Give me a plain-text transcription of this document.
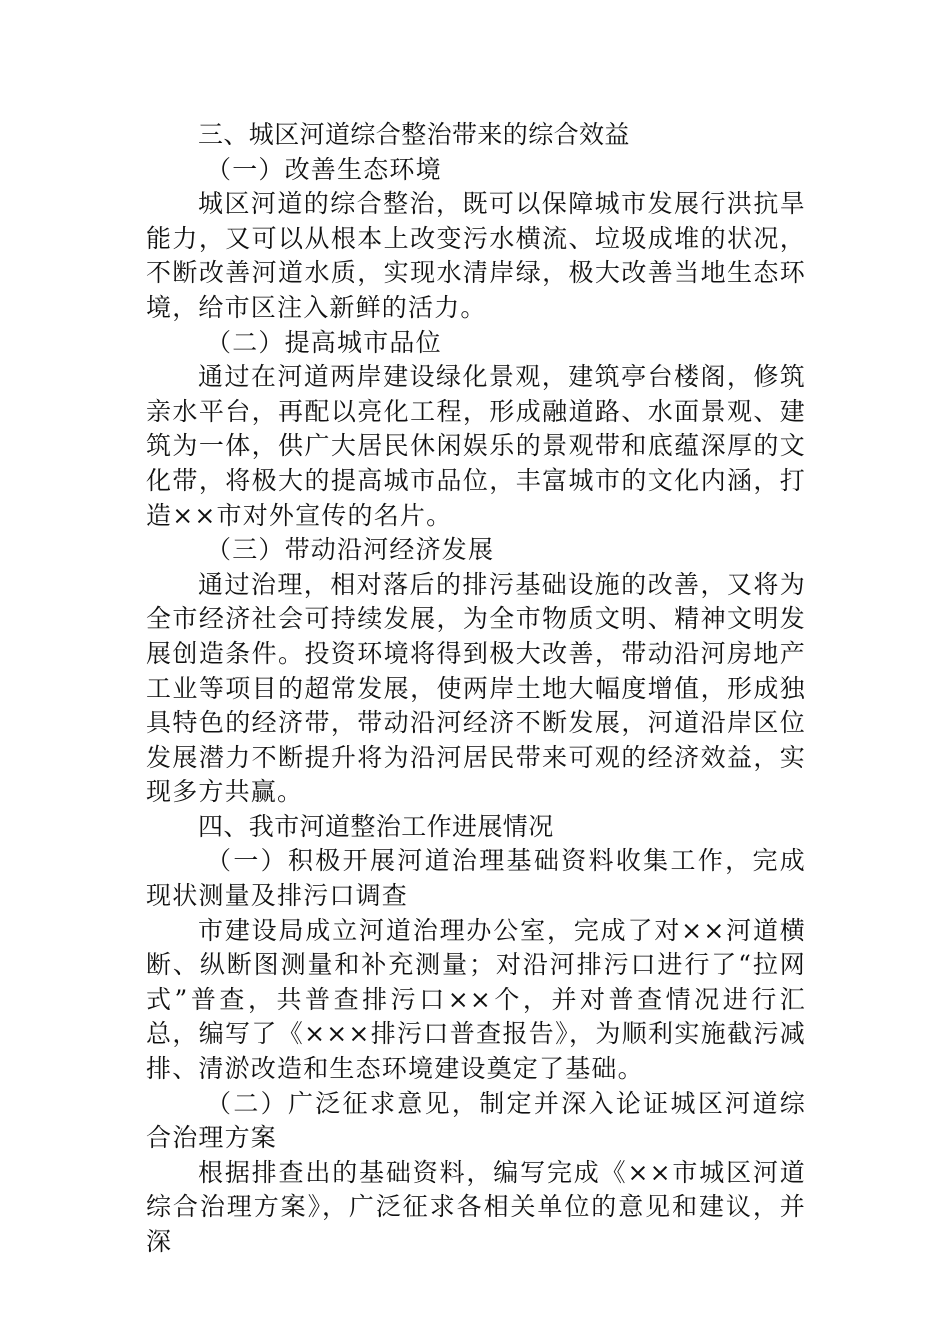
三、城区河道综合整治带来的综合效益

（一）改善生态环境

城区河道的综合整治，既可以保障城市发展行洪抗旱能力，又可以从根本上改变污水横流、垃圾成堆的状况，不断改善河道水质，实现水清岸绿，极大改善当地生态环境，给市区注入新鲜的活力。

（二）提高城市品位

通过在河道两岸建设绿化景观，建筑亭台楼阁，修筑亲水平台，再配以亮化工程，形成融道路、水面景观、建筑为一体，供广大居民休闲娱乐的景观带和底蕴深厚的文化带，将极大的提高城市品位，丰富城市的文化内涵，打造××市对外宣传的名片。

（三）带动沿河经济发展

通过治理，相对落后的排污基础设施的改善，又将为全市经济社会可持续发展，为全市物质文明、精神文明发展创造条件。投资环境将得到极大改善，带动沿河房地产工业等项目的超常发展，使两岸土地大幅度增值，形成独具特色的经济带，带动沿河经济不断发展，河道沿岸区位发展潜力不断提升将为沿河居民带来可观的经济效益，实现多方共赢。

四、我市河道整治工作进展情况

（一）积极开展河道治理基础资料收集工作，完成现状测量及排污口调查

市建设局成立河道治理办公室，完成了对××河道横断、纵断图测量和补充测量；对沿河排污口进行了“拉网式”普查，共普查排污口××个，并对普查情况进行汇总，编写了《×××排污口普查报告》，为顺利实施截污减排、清淤改造和生态环境建设奠定了基础。

（二）广泛征求意见，制定并深入论证城区河道综合治理方案

根据排查出的基础资料，编写完成《××市城区河道综合治理方案》，广泛征求各相关单位的意见和建议，并深
